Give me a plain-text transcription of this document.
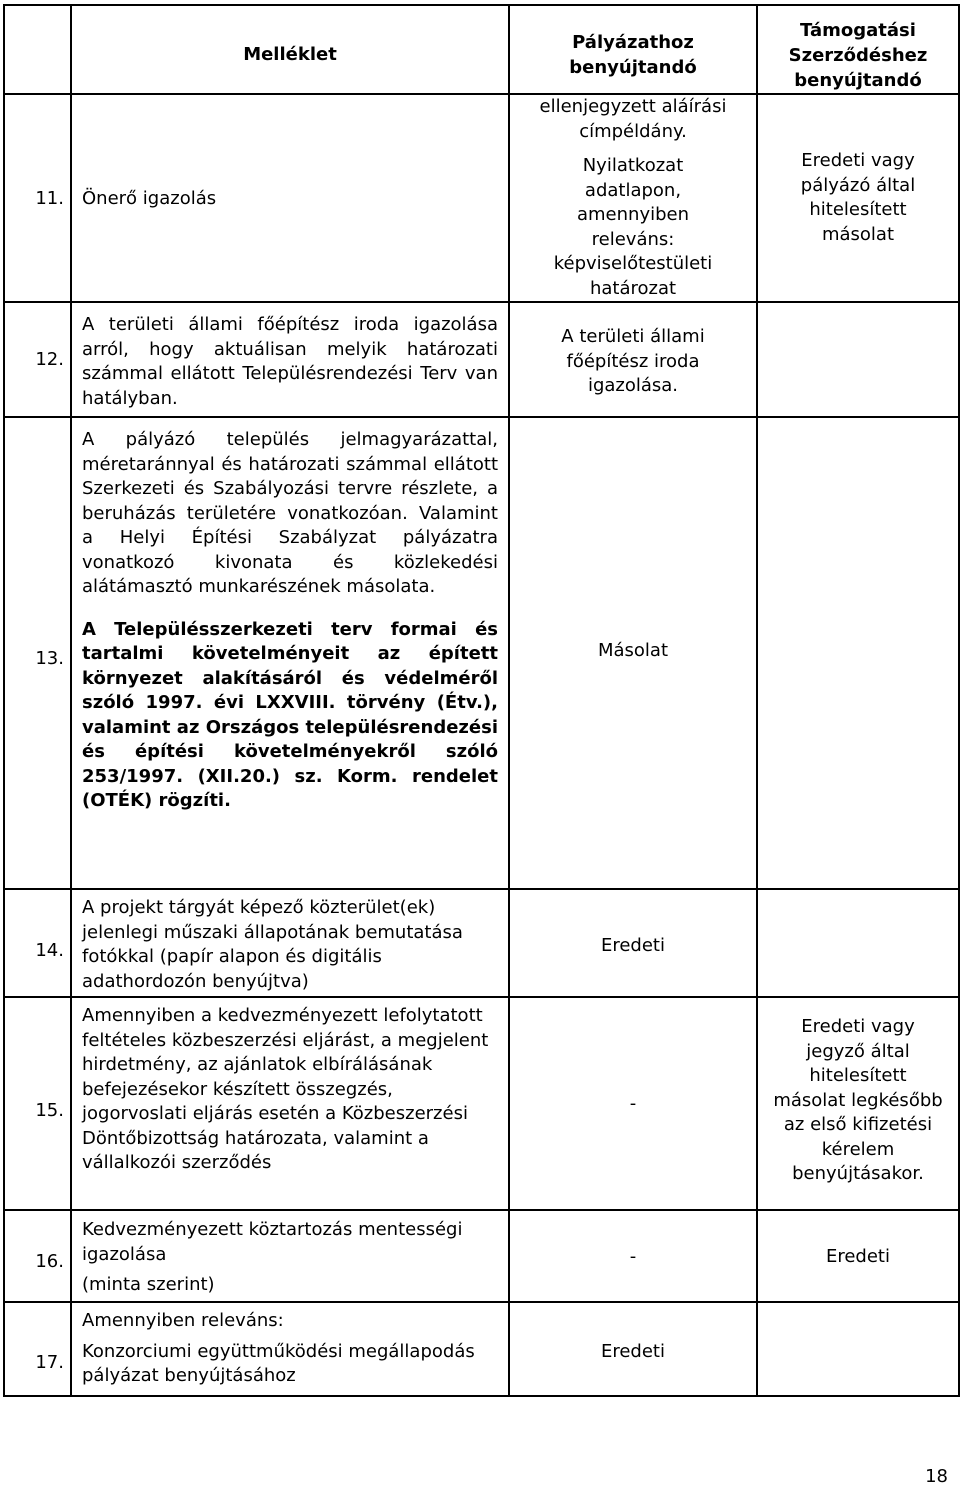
	Melléklet	Pályázathoz benyújtandó	Támogatási Szerződéshez benyújtandó

11.	Önerő igazolás	ellenjegyzett aláírási címpéldány.
Nyilatkozat adatlapon, amennyiben releváns: képviselőtestületi határozat	Eredeti vagy pályázó által hitelesített másolat

12.	A területi állami főépítész iroda igazolása arról, hogy aktuálisan melyik határozati számmal ellátott Településrendezési Terv van hatályban.	A területi állami főépítész iroda igazolása.	

13.	A pályázó település jelmagyarázattal, méretaránnyal és határozati számmal ellátott Szerkezeti és Szabályozási tervre részlete, a beruházás területére vonatkozóan. Valamint a Helyi Építési Szabályzat pályázatra vonatkozó kivonata és közlekedési alátámasztó munkarészének másolata.
A Településszerkezeti terv formai és tartalmi követelményeit az épített környezet alakításáról és védelméről szóló 1997. évi LXXVIII. törvény (Étv.), valamint az Országos településrendezési és építési követelményekről szóló 253/1997. (XII.20.) sz. Korm. rendelet (OTÉK) rögzíti.	Másolat	

14.	A projekt tárgyát képező közterület(ek) jelenlegi műszaki állapotának bemutatása fotókkal (papír alapon és digitális adathordozón benyújtva)	Eredeti	

15.	Amennyiben a kedvezményezett lefolytatott feltételes közbeszerzési eljárást, a megjelent hirdetmény, az ajánlatok elbírálásának befejezésekor készített összegzés, jogorvoslati eljárás esetén a Közbeszerzési Döntőbizottság határozata, valamint a vállalkozói szerződés	-	Eredeti vagy jegyző által hitelesített másolat legkésőbb az első kifizetési kérelem benyújtásakor.

16.	Kedvezményezett köztartozás mentességi igazolása
(minta szerint)	-	Eredeti

17.	Amennyiben releváns:
Konzorciumi együttműködési megállapodás pályázat benyújtásához	Eredeti	

18
